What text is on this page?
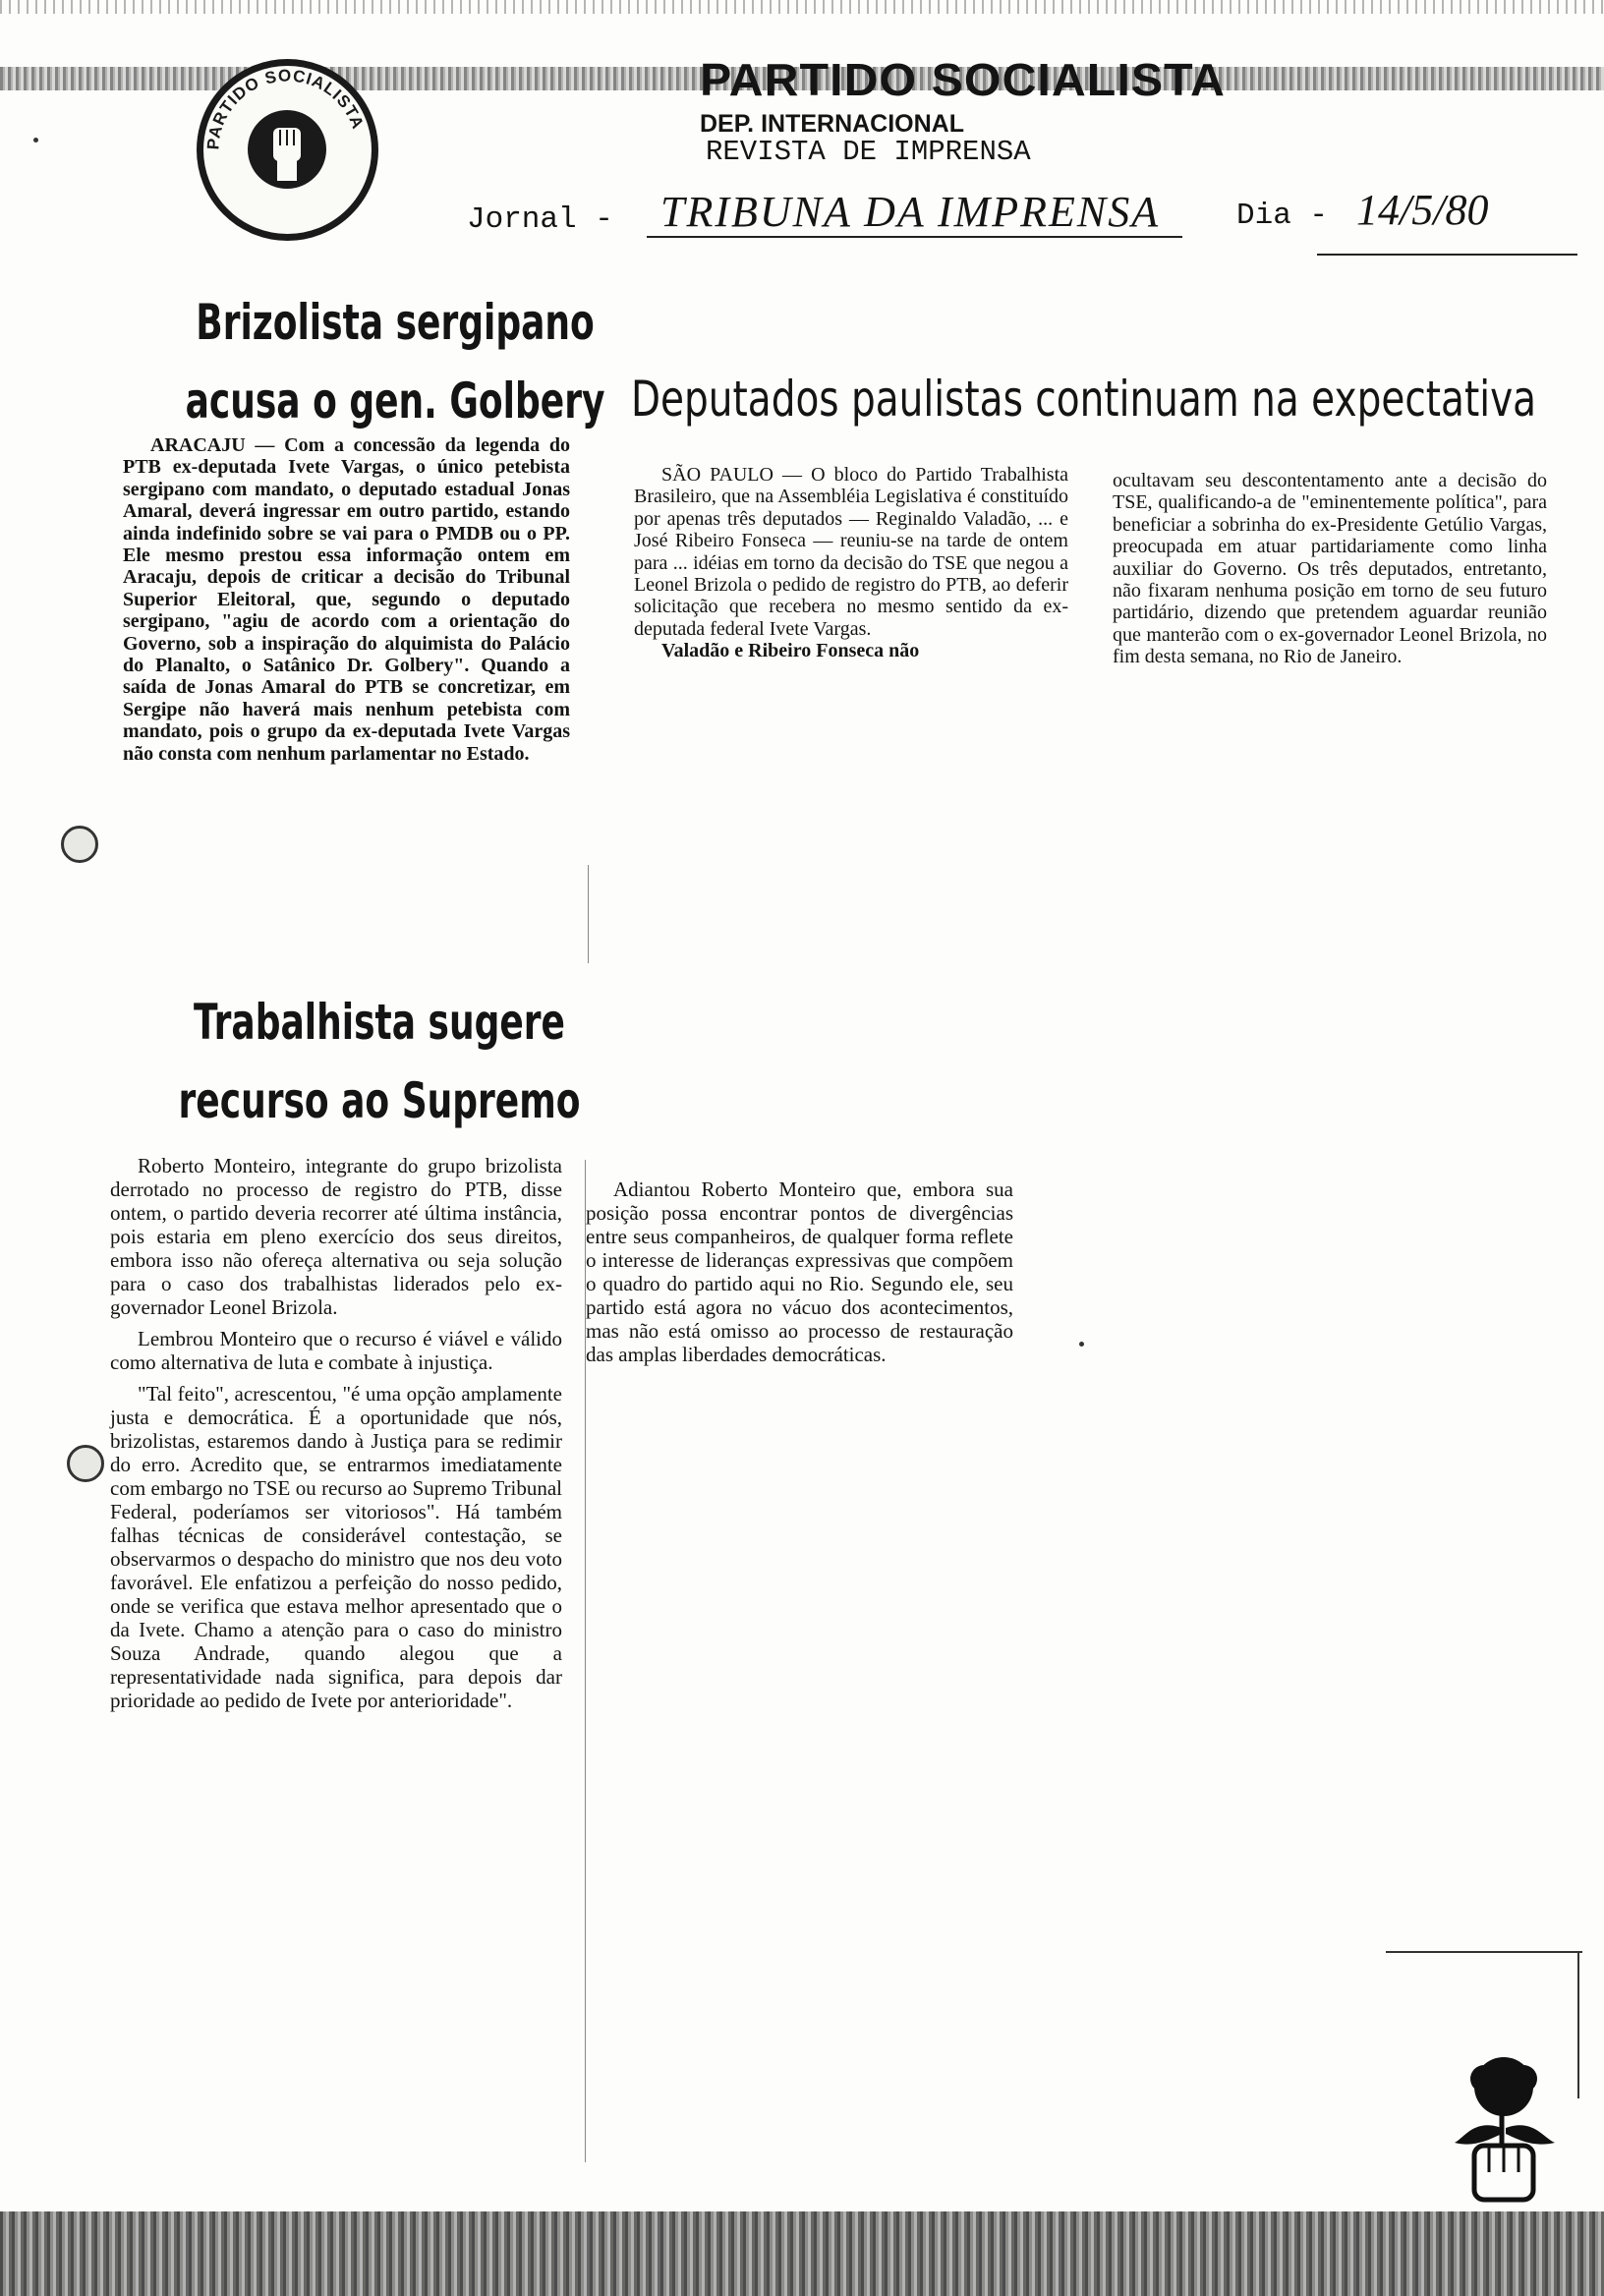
PARTIDO SOCIALISTA
PARTIDO SOCIALISTA
DEP. INTERNACIONAL
REVISTA DE IMPRENSA
Jornal - TRIBUNA DA IMPRENSA	Dia - 14/5/80
Brizolista sergipano
acusa o gen. Golbery

ARACAJU — Com a concessão da legenda do PTB ex-deputada Ivete Vargas, o único petebista sergipano com mandato, o deputado estadual Jonas Amaral, deverá ingressar em outro partido, estando ainda indefinido sobre se vai para o PMDB ou o PP. Ele mesmo prestou essa informação ontem em Aracaju, depois de criticar a decisão do Tribunal Superior Eleitoral, que, segundo o deputado sergipano, "agiu de acordo com a orientação do Governo, sob a inspiração do alquimista do Palácio do Planalto, o Satânico Dr. Golbery". Quando a saída de Jonas Amaral do PTB se concretizar, em Sergipe não haverá mais nenhum petebista com mandato, pois o grupo da ex-deputada Ivete Vargas não consta com nenhum parlamentar no Estado.

Deputados paulistas continuam na expectativa

SÃO PAULO — O bloco do Partido Trabalhista Brasileiro, que na Assembléia Legislativa é constituído por apenas três deputados — Reginaldo Valadão, ... e José Ribeiro Fonseca — reuniu-se na tarde de ontem para ... idéias em torno da decisão do TSE que negou a Leonel Brizola o pedido de registro do PTB, ao deferir solicitação que recebera no mesmo sentido da ex-deputada federal Ivete Vargas.

Valadão e Ribeiro Fonseca não

ocultavam seu descontentamento ante a decisão do TSE, qualificando-a de "eminentemente política", para beneficiar a sobrinha do ex-Presidente Getúlio Vargas, preocupada em atuar partidariamente como linha auxiliar do Governo. Os três deputados, entretanto, não fixaram nenhuma posição em torno de seu futuro partidário, dizendo que pretendem aguardar reunião que manterão com o ex-governador Leonel Brizola, no fim desta semana, no Rio de Janeiro.

Trabalhista sugere
recurso ao Supremo

Roberto Monteiro, integrante do grupo brizolista derrotado no processo de registro do PTB, disse ontem, o partido deveria recorrer até última instância, pois estaria em pleno exercício dos seus direitos, embora isso não ofereça alternativa ou seja solução para o caso dos trabalhistas liderados pelo ex-governador Leonel Brizola.

Lembrou Monteiro que o recurso é viável e válido como alternativa de luta e combate à injustiça.

"Tal feito", acrescentou, "é uma opção amplamente justa e democrática. É a oportunidade que nós, brizolistas, estaremos dando à Justiça para se redimir do erro. Acredito que, se entrarmos imediatamente com embargo no TSE ou recurso ao Supremo Tribunal Federal, poderíamos ser vitoriosos". Há também falhas técnicas de considerável contestação, se observarmos o despacho do ministro que nos deu voto favorável. Ele enfatizou a perfeição do nosso pedido, onde se verifica que estava melhor apresentado que o da Ivete. Chamo a atenção para o caso do ministro Souza Andrade, quando alegou que a representatividade nada significa, para depois dar prioridade ao pedido de Ivete por anterioridade".

Adiantou Roberto Monteiro que, embora sua posição possa encontrar pontos de divergências entre seus companheiros, de qualquer forma reflete o interesse de lideranças expressivas que compõem o quadro do partido aqui no Rio. Segundo ele, seu partido está agora no vácuo dos acontecimentos, mas não está omisso ao processo de restauração das amplas liberdades democráticas.
